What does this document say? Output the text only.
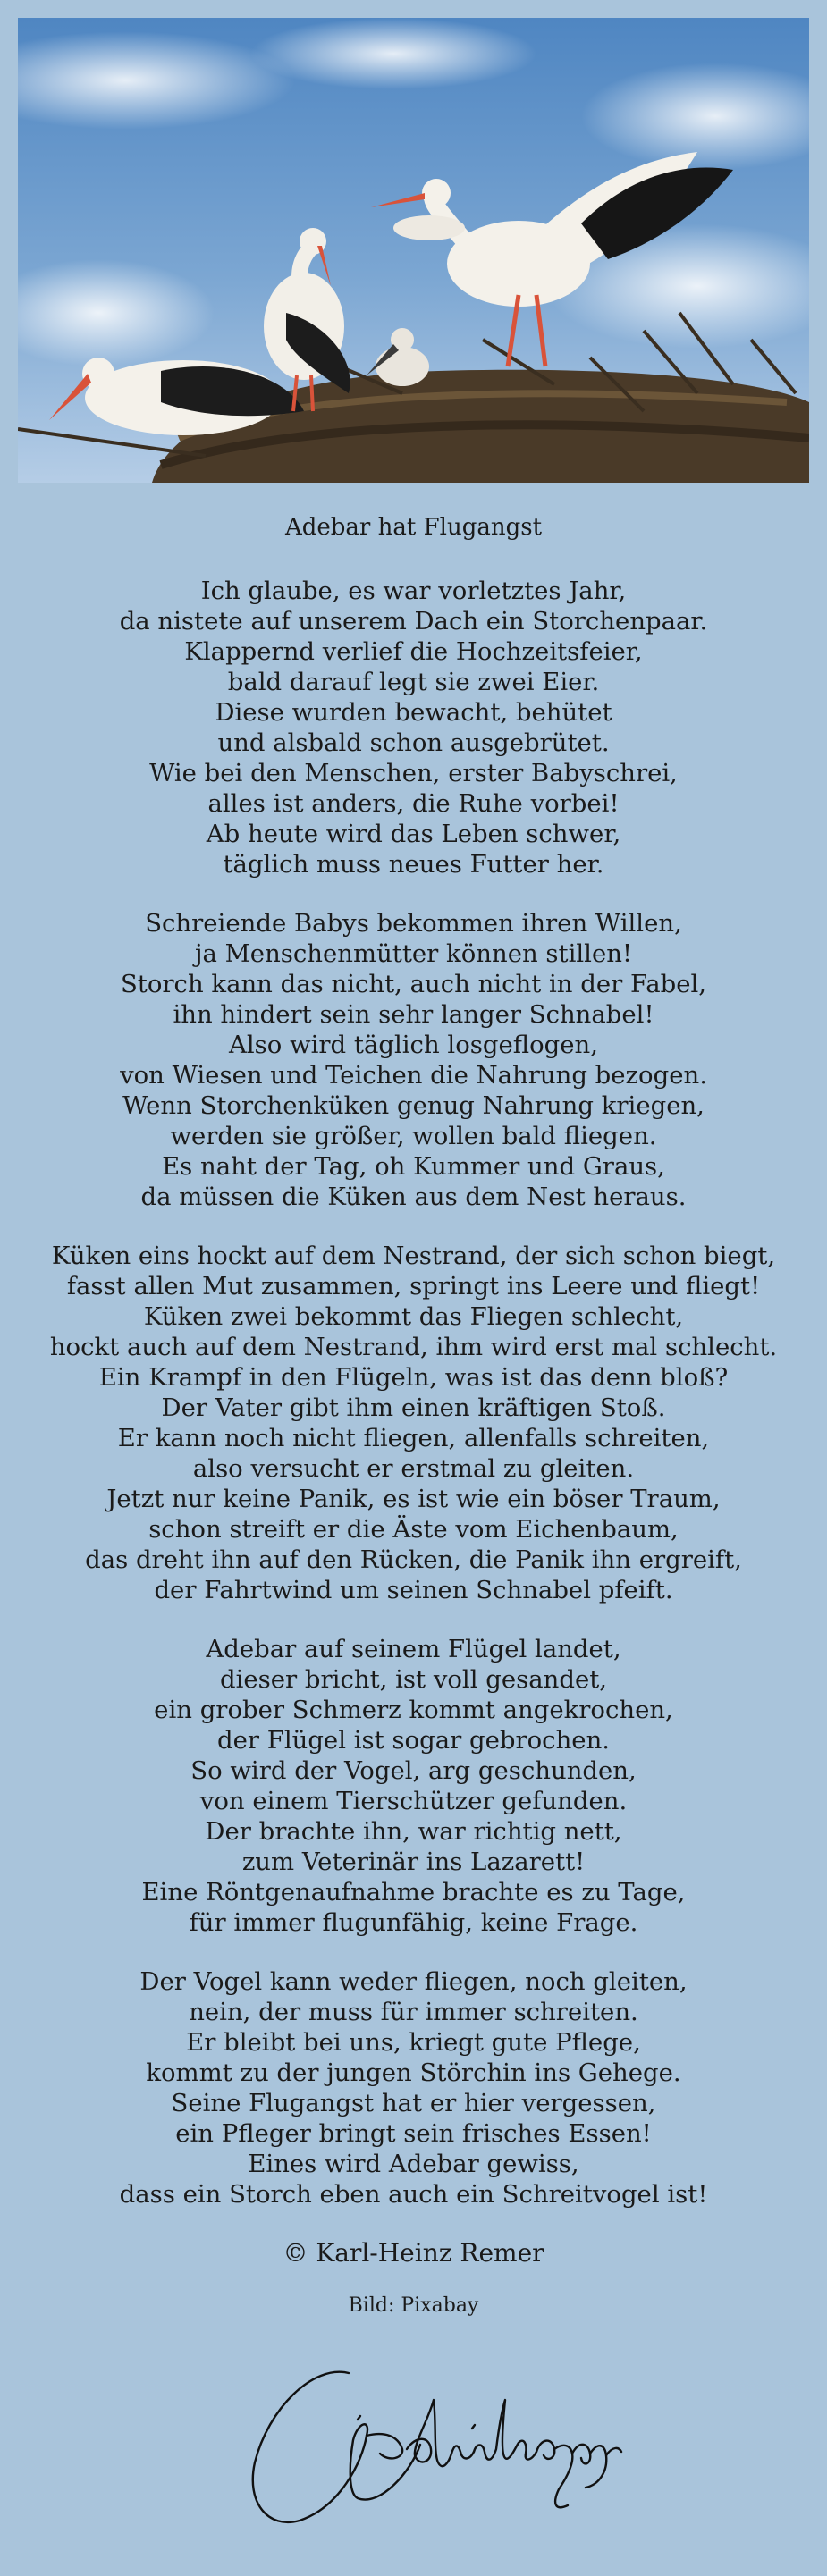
Adebar hat Flugangst
Ich glaube, es war vorletztes Jahr,
da nistete auf unserem Dach ein Storchenpaar.
Klappernd verlief die Hochzeitsfeier,
bald darauf legt sie zwei Eier.
Diese wurden bewacht, behütet
und alsbald schon ausgebrütet.
Wie bei den Menschen, erster Babyschrei,
alles ist anders, die Ruhe vorbei!
Ab heute wird das Leben schwer,
täglich muss neues Futter her.
Schreiende Babys bekommen ihren Willen,
ja Menschenmütter können stillen!
Storch kann das nicht, auch nicht in der Fabel,
ihn hindert sein sehr langer Schnabel!
Also wird täglich losgeflogen,
von Wiesen und Teichen die Nahrung bezogen.
Wenn Storchenküken genug Nahrung kriegen,
werden sie größer, wollen bald fliegen.
Es naht der Tag, oh Kummer und Graus,
da müssen die Küken aus dem Nest heraus.
Küken eins hockt auf dem Nestrand, der sich schon biegt,
fasst allen Mut zusammen, springt ins Leere und fliegt!
Küken zwei bekommt das Fliegen schlecht,
hockt auch auf dem Nestrand, ihm wird erst mal schlecht.
Ein Krampf in den Flügeln, was ist das denn bloß?
Der Vater gibt ihm einen kräftigen Stoß.
Er kann noch nicht fliegen, allenfalls schreiten,
also versucht er erstmal zu gleiten.
Jetzt nur keine Panik, es ist wie ein böser Traum,
schon streift er die Äste vom Eichenbaum,
das dreht ihn auf den Rücken, die Panik ihn ergreift,
der Fahrtwind um seinen Schnabel pfeift.
Adebar auf seinem Flügel landet,
dieser bricht, ist voll gesandet,
ein grober Schmerz kommt angekrochen,
der Flügel ist sogar gebrochen.
So wird der Vogel, arg geschunden,
von einem Tierschützer gefunden.
Der brachte ihn, war richtig nett,
zum Veterinär ins Lazarett!
Eine Röntgenaufnahme brachte es zu Tage,
für immer flugunfähig, keine Frage.
Der Vogel kann weder fliegen, noch gleiten,
nein, der muss für immer schreiten.
Er bleibt bei uns, kriegt gute Pflege,
kommt zu der jungen Störchin ins Gehege.
Seine Flugangst hat er hier vergessen,
ein Pfleger bringt sein frisches Essen!
Eines wird Adebar gewiss,
dass ein Storch eben auch ein Schreitvogel ist!
© Karl-Heinz Remer
Bild: Pixabay
